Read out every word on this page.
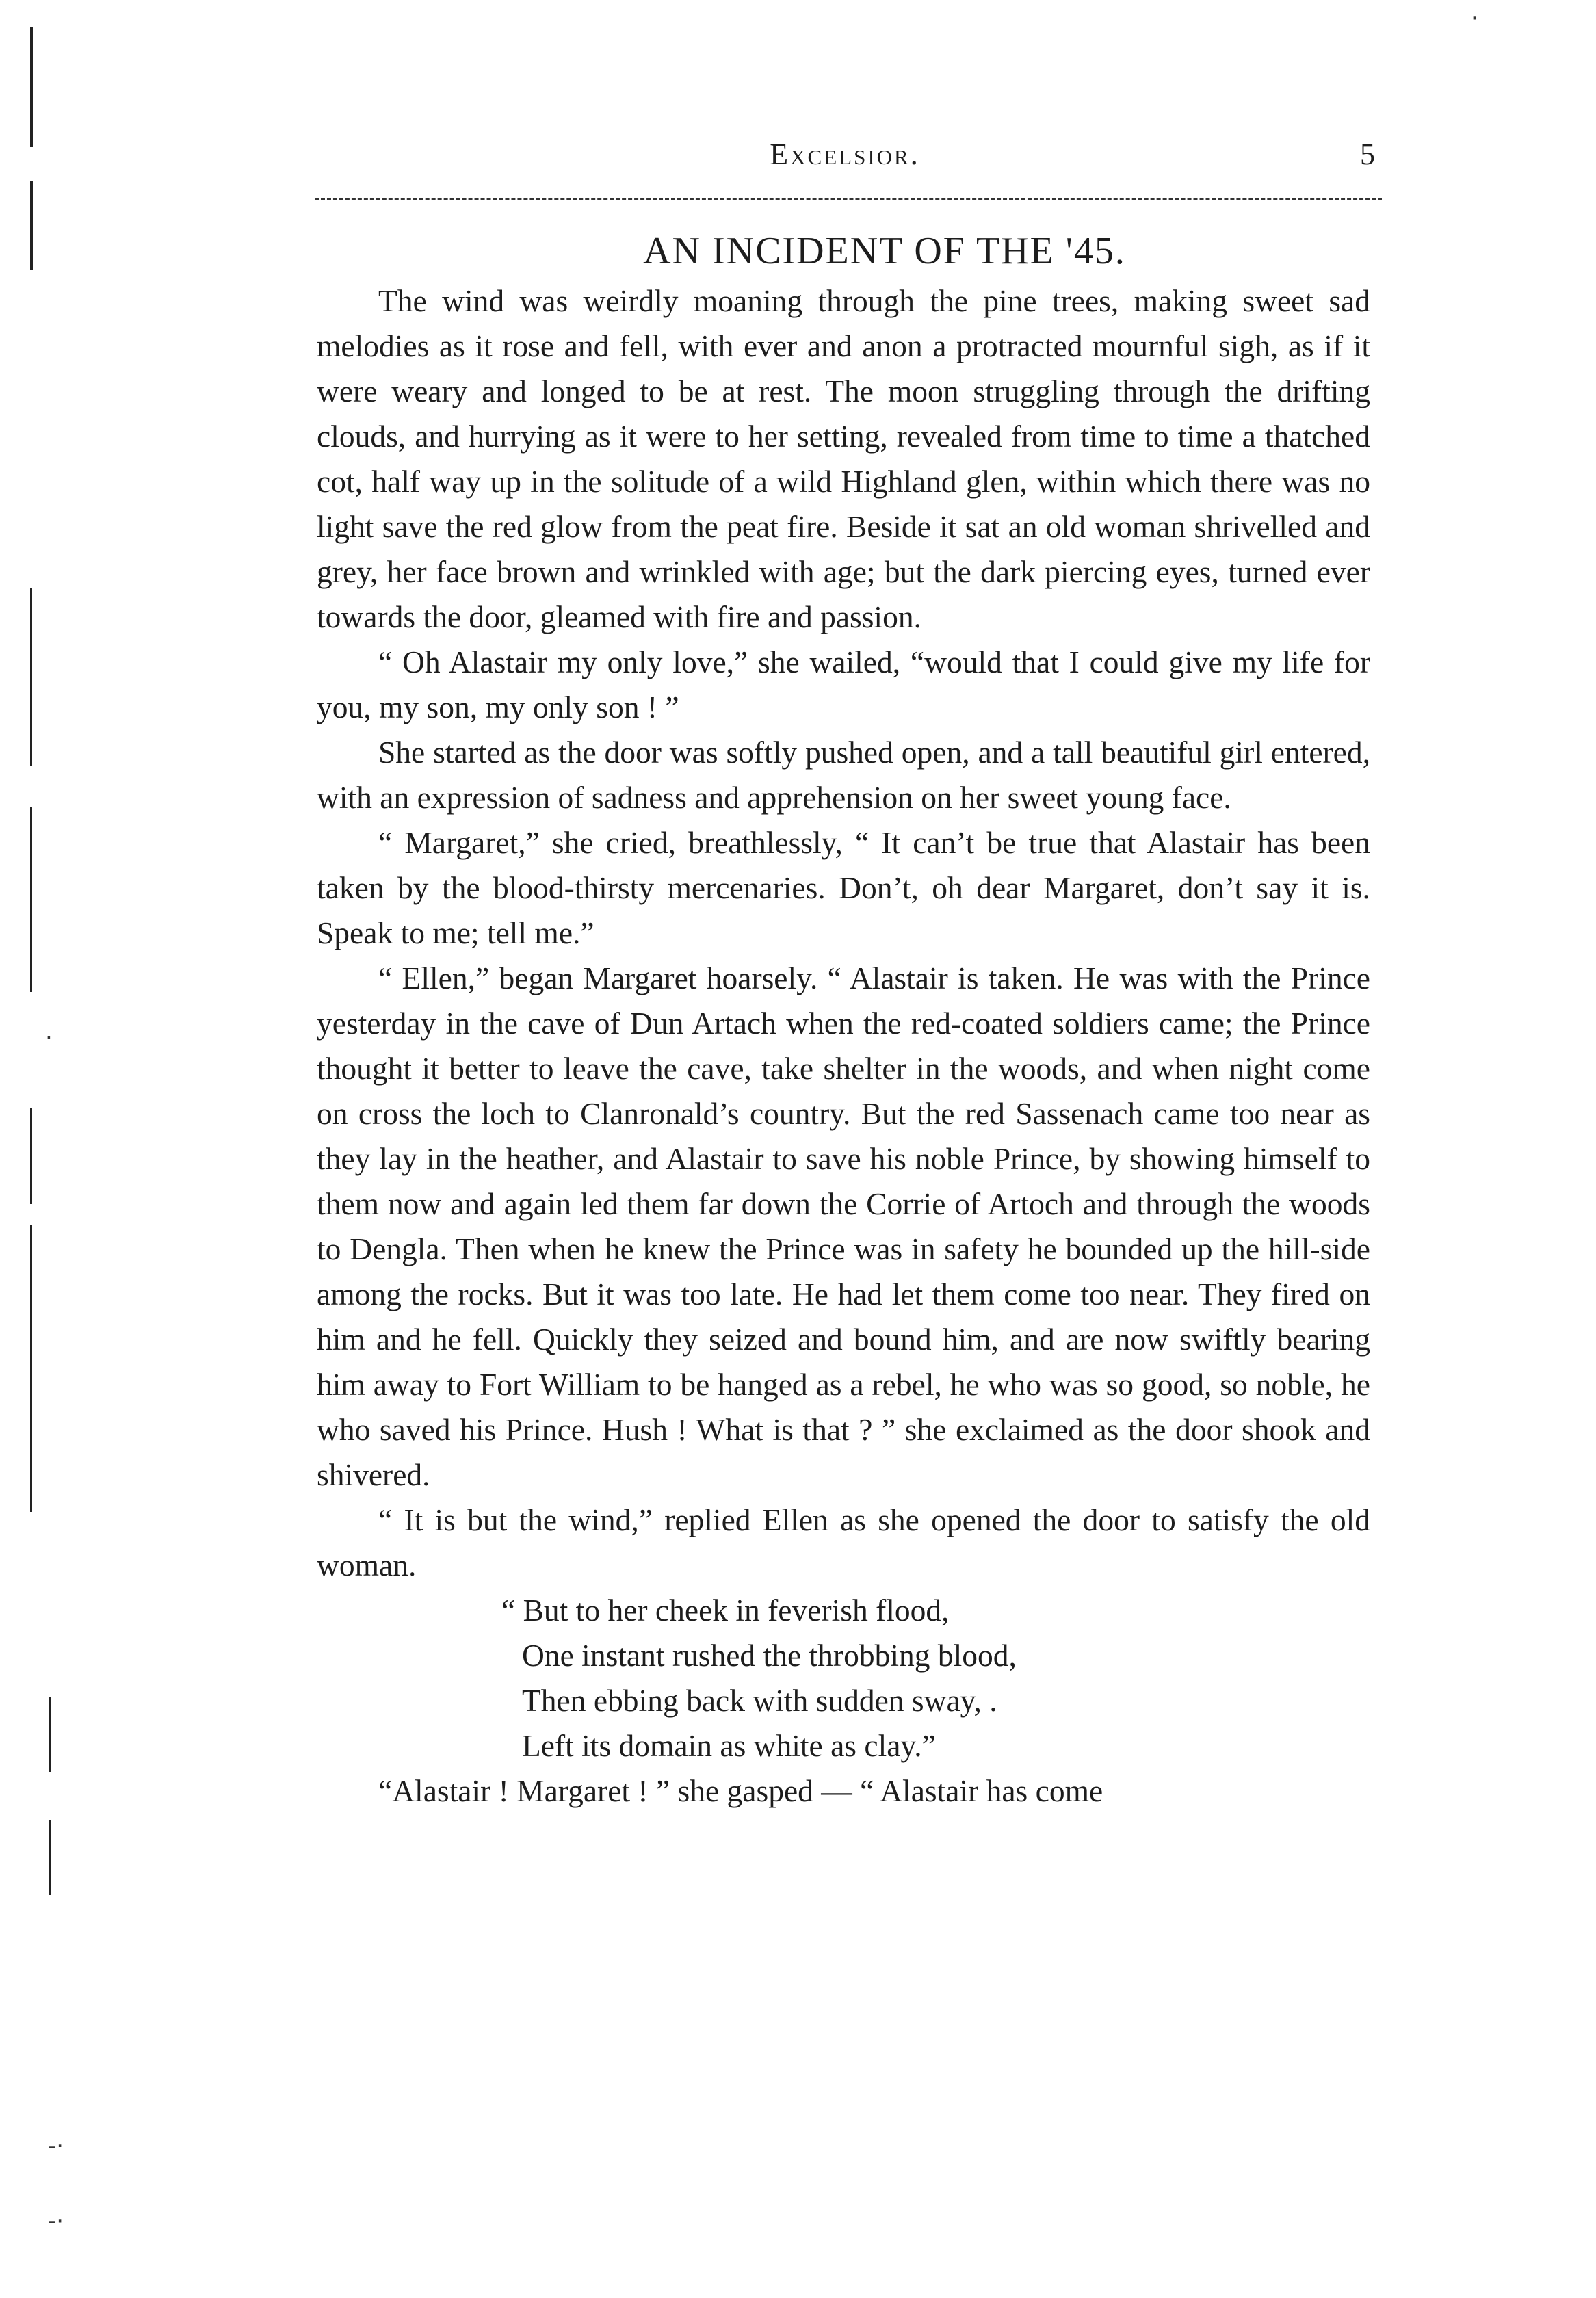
·
-·
-·
·
Excelsior.	5
AN INCIDENT OF THE '45.

The wind was weirdly moaning through the pine trees, making sweet sad melodies as it rose and fell, with ever and anon a protracted mournful sigh, as if it were weary and longed to be at rest. The moon struggling through the drifting clouds, and hurrying as it were to her setting, revealed from time to time a thatched cot, half way up in the solitude of a wild Highland glen, within which there was no light save the red glow from the peat fire. Beside it sat an old woman shrivelled and grey, her face brown and wrinkled with age; but the dark piercing eyes, turned ever towards the door, gleamed with fire and passion.

“ Oh Alastair my only love,” she wailed, “would that I could give my life for you, my son, my only son ! ”

She started as the door was softly pushed open, and a tall beautiful girl entered, with an expression of sadness and apprehension on her sweet young face.

“ Margaret,” she cried, breathlessly, “ It can’t be true that Alastair has been taken by the blood-thirsty mercenaries. Don’t, oh dear Margaret, don’t say it is. Speak to me; tell me.”

“ Ellen,” began Margaret hoarsely. “ Alastair is taken. He was with the Prince yesterday in the cave of Dun Artach when the red-coated soldiers came; the Prince thought it better to leave the cave, take shelter in the woods, and when night come on cross the loch to Clanronald’s country. But the red Sassenach came too near as they lay in the heather, and Alastair to save his noble Prince, by showing himself to them now and again led them far down the Corrie of Artoch and through the woods to Dengla. Then when he knew the Prince was in safety he bounded up the hill-side among the rocks. But it was too late. He had let them come too near. They fired on him and he fell. Quickly they seized and bound him, and are now swiftly bearing him away to Fort William to be hanged as a rebel, he who was so good, so noble, he who saved his Prince. Hush ! What is that ? ” she exclaimed as the door shook and shivered.

“ It is but the wind,” replied Ellen as she opened the door to satisfy the old woman.

“ But to her cheek in feverish flood,
One instant rushed the throbbing blood,
Then ebbing back with sudden sway, .
Left its domain as white as clay.”

“Alastair ! Margaret ! ” she gasped — “ Alastair has come
